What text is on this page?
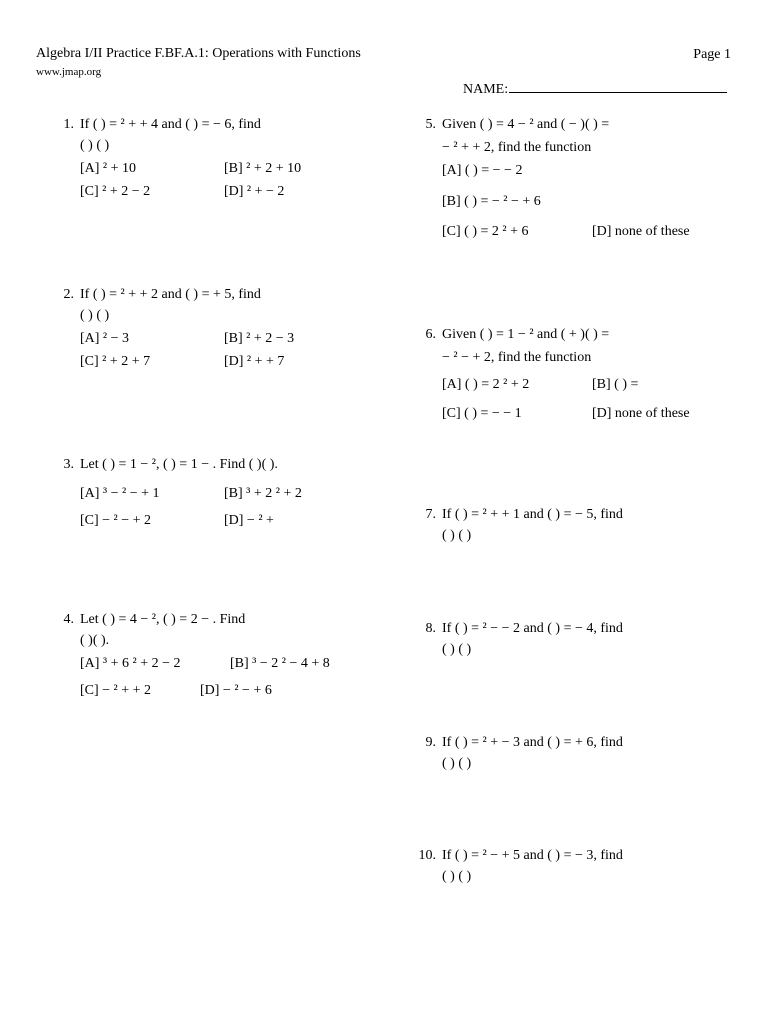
Algebra I/II Practice F.BF.A.1: Operations with Functions
www.jmap.org
Page 1
NAME:
1. If ( ) = ² + + 4 and ( ) = − 6, find
( ) ( )
[A] ² + 10	[B] ² + 2 + 10
[C] ² + 2 − 2	[D] ² + − 2
2. If ( ) = ² + + 2 and ( ) = + 5, find
( ) ( )
[A] ² − 3	[B] ² + 2 − 3
[C] ² + 2 + 7	[D] ² + + 7
3. Let ( ) = 1 − ², ( ) = 1 − . Find ( )( ).
[A] ³ − ² − + 1	[B] ³ + 2 ² + 2
[C] − ² − + 2	[D] − ² +
4. Let ( ) = 4 − ², ( ) = 2 − . Find
( )( ).
[A] ³ + 6 ² + 2 − 2	[B] ³ − 2 ² − 4 + 8
[C] − ² + + 2	[D] − ² − + 6
5. Given ( ) = 4 − ² and ( − )( ) =
− ² + + 2, find the function
[A] ( ) = − − 2
[B] ( ) = − ² − + 6
[C] ( ) = 2 ² + 6	[D] none of these
6. Given ( ) = 1 − ² and ( + )( ) =
− ² − + 2, find the function
[A] ( ) = 2 ² + 2	[B] ( ) =
[C] ( ) = − − 1	[D] none of these
7. If ( ) = ² + + 1 and ( ) = − 5, find
( ) ( )
8. If ( ) = ² − − 2 and ( ) = − 4, find
( ) ( )
9. If ( ) = ² + − 3 and ( ) = + 6, find
( ) ( )
10. If ( ) = ² − + 5 and ( ) = − 3, find
( ) ( )
